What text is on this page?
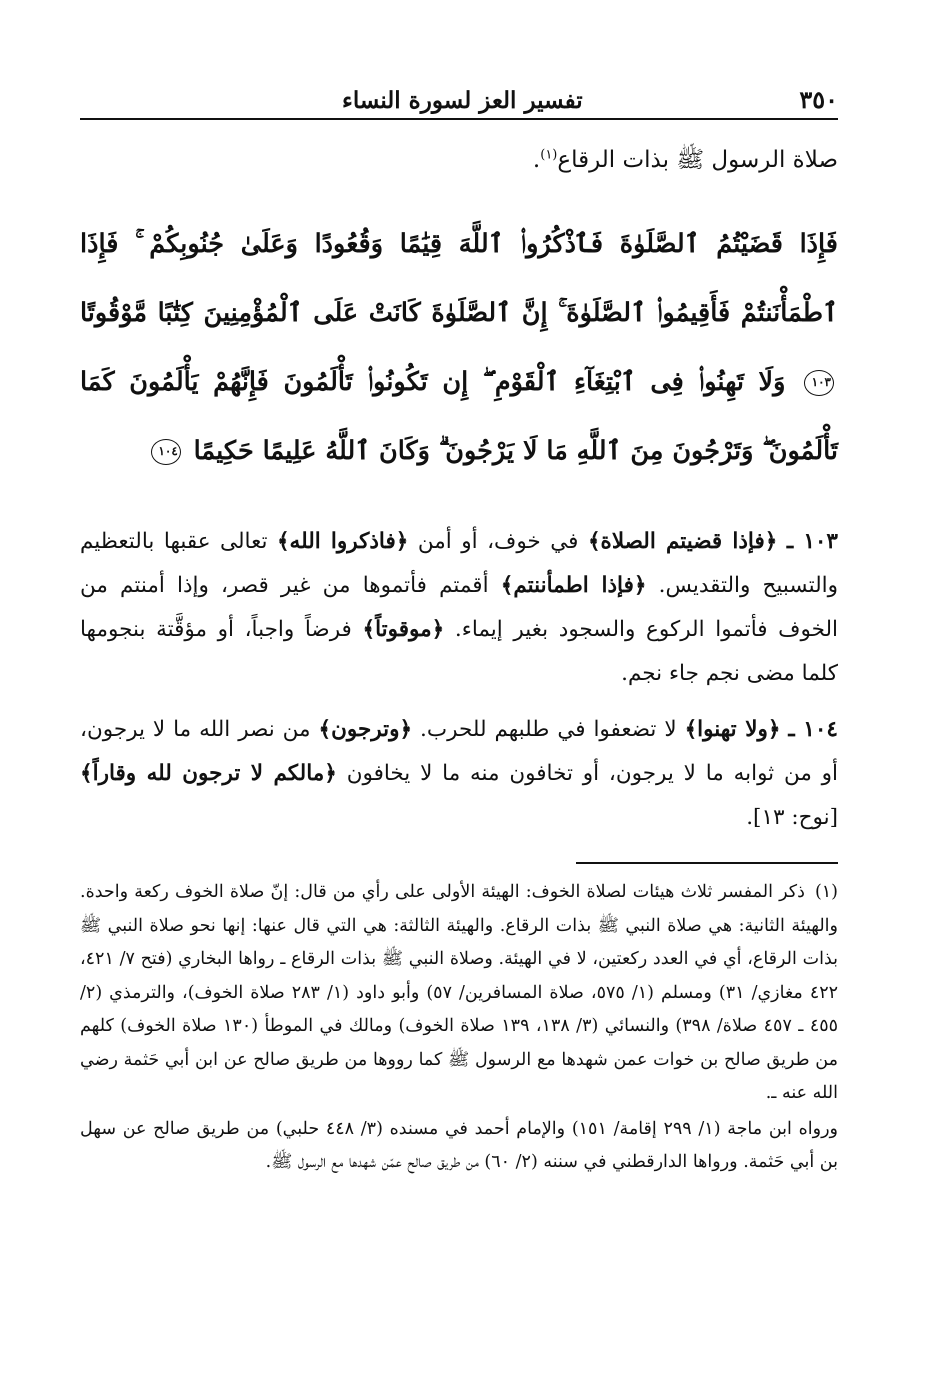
٣٥٠
تفسير العز لسورة النساء
صلاة الرسول ﷺ بذات الرقاع$^{(١)}$.
فَإِذَا قَضَيْتُمُ ٱلصَّلَوٰةَ فَٱذْكُرُوا۟ ٱللَّهَ قِيَٰمًا وَقُعُودًا وَعَلَىٰ جُنُوبِكُمْ ۚ فَإِذَا ٱطْمَأْنَنتُمْ فَأَقِيمُوا۟ ٱلصَّلَوٰةَ ۚ إِنَّ ٱلصَّلَوٰةَ كَانَتْ عَلَى ٱلْمُؤْمِنِينَ كِتَٰبًا مَّوْقُوتًا ١٠٣ وَلَا تَهِنُوا۟ فِى ٱبْتِغَآءِ ٱلْقَوْمِ ۖ إِن تَكُونُوا۟ تَأْلَمُونَ فَإِنَّهُمْ يَأْلَمُونَ كَمَا تَأْلَمُونَ ۖ وَتَرْجُونَ مِنَ ٱللَّهِ مَا لَا يَرْجُونَ ۗ وَكَانَ ٱللَّهُ عَلِيمًا حَكِيمًا ١٠٤

١٠٣ ـ ﴿فإذا قضيتم الصلاة﴾ في خوف، أو أمن ﴿فاذكروا الله﴾ تعالى عقبها بالتعظيم والتسبيح والتقديس. ﴿فإذا اطمأننتم﴾ أقمتم فأتموها من غير قصر، وإذا أمنتم من الخوف فأتموا الركوع والسجود بغير إيماء. ﴿موقوتاً﴾ فرضاً واجباً، أو مؤقَّتة بنجومها كلما مضى نجم جاء نجم.

١٠٤ ـ ﴿ولا تهنوا﴾ لا تضعفوا في طلبهم للحرب. ﴿وترجون﴾ من نصر الله ما لا يرجون، أو من ثوابه ما لا يرجون، أو تخافون منه ما لا يخافون ﴿مالكم لا ترجون لله وقاراً﴾ [نوح: ١٣].

(١)ذكر المفسر ثلاث هيئات لصلاة الخوف: الهيئة الأولى على رأي من قال: إنّ صلاة الخوف ركعة واحدة. والهيئة الثانية: هي صلاة النبي ﷺ بذات الرقاع. والهيئة الثالثة: هي التي قال عنها: إنها نحو صلاة النبي ﷺ بذات الرقاع، أي في العدد ركعتين، لا في الهيئة. وصلاة النبي ﷺ بذات الرقاع ـ رواها البخاري (فتح ٧/ ٤٢١، ٤٢٢ مغازي/ ٣١) ومسلم (١/ ٥٧٥، صلاة المسافرين/ ٥٧) وأبو داود (١/ ٢٨٣ صلاة الخوف)، والترمذي (٢/ ٤٥٥ ـ ٤٥٧ صلاة/ ٣٩٨) والنسائي (٣/ ١٣٨، ١٣٩ صلاة الخوف) ومالك في الموطأ (١٣٠ صلاة الخوف) كلهم من طريق صالح بن خوات عمن شهدها مع الرسول ﷺ كما رووها من طريق صالح عن ابن أبي حَثمة رضي الله عنه ـ.

ورواه ابن ماجة (١/ ٢٩٩ إقامة/ ١٥١) والإمام أحمد في مسنده (٣/ ٤٤٨ حلبي) من طريق صالح عن سهل بن أبي حَثمة. ورواها الدارقطني في سننه (٢/ ٦٠) من طريق صالح عمّن شهدها مع الرسول ﷺ.
